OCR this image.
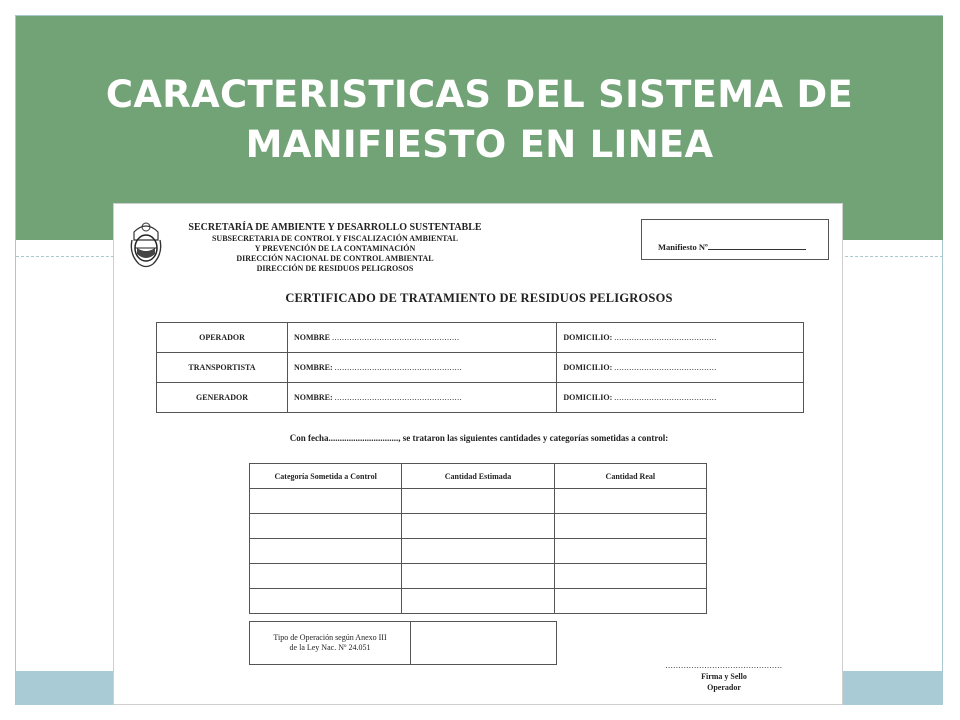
CARACTERISTICAS DEL SISTEMA DE
MANIFIESTO EN LINEA
SECRETARÍA DE AMBIENTE Y DESARROLLO SUSTENTABLE
SUBSECRETARIA DE CONTROL Y FISCALIZACIÓN AMBIENTAL
Y PREVENCIÓN DE LA CONTAMINACIÓN
DIRECCIÓN NACIONAL DE CONTROL AMBIENTAL
DIRECCIÓN DE RESIDUOS PELIGROSOS
Manifiesto Nº
CERTIFICADO DE TRATAMIENTO DE RESIDUOS PELIGROSOS
OPERADOR	NOMBRE ...................................................	DOMICILIO: .........................................
TRANSPORTISTA	NOMBRE: ...................................................	DOMICILIO: .........................................
GENERADOR	NOMBRE: ...................................................	DOMICILIO: .........................................
Con fecha..............................., se trataron las siguientes cantidades y categorías sometidas a control:
Categoría Sometida a Control	Cantidad Estimada	Cantidad Real

Tipo de Operación según Anexo III
de la Ley Nac. Nº 24.051

.............................................
Firma y Sello
Operador
